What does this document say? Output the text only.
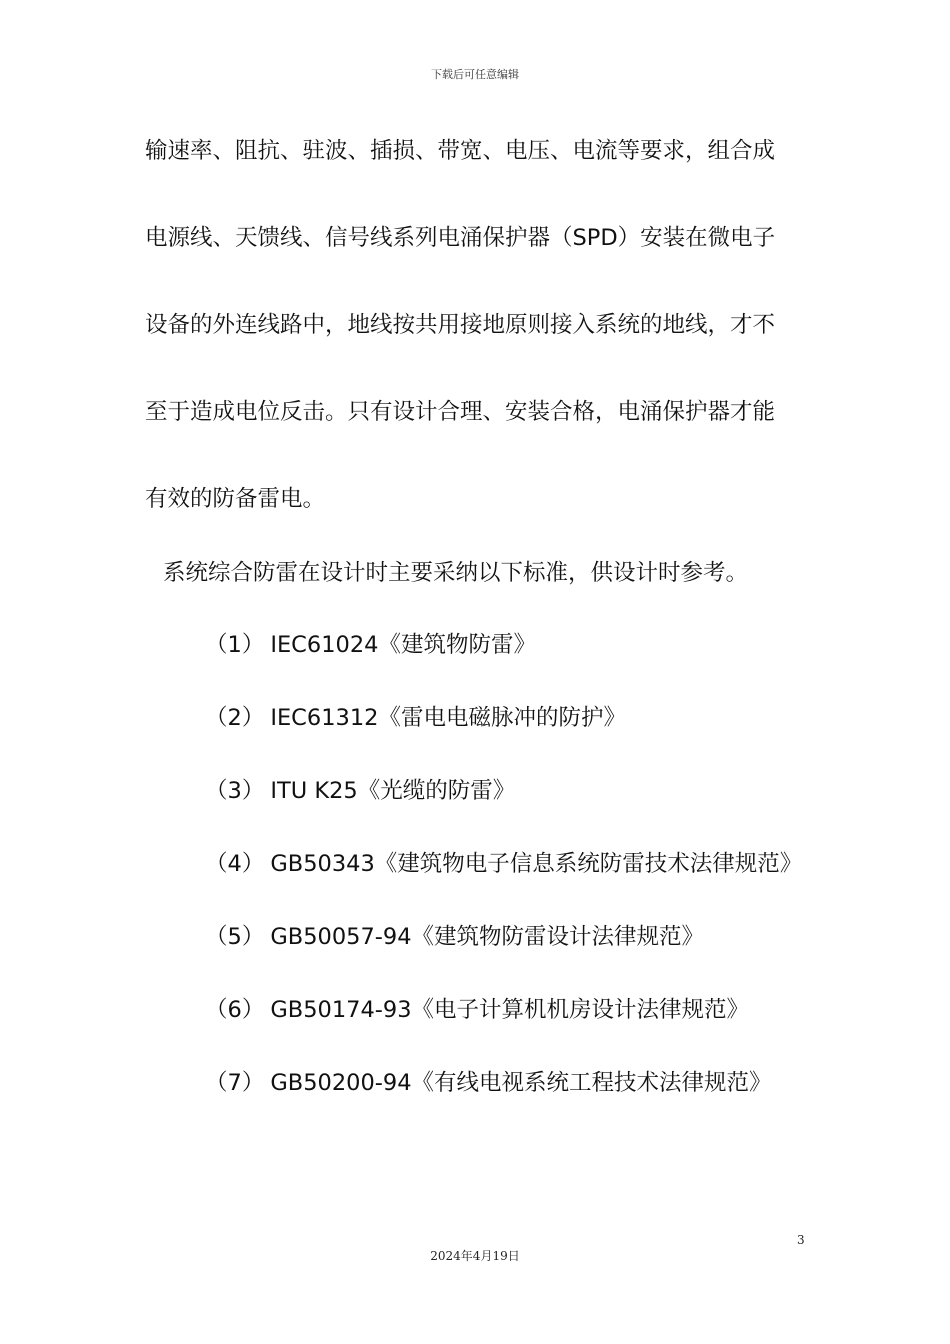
下载后可任意编辑
输速率、阻抗、驻波、插损、带宽、电压、电流等要求，组合成
电源线、天馈线、信号线系列电涌保护器（SPD）安装在微电子
设备的外连线路中，地线按共用接地原则接入系统的地线，才不
至于造成电位反击。只有设计合理、安装合格，电涌保护器才能
有效的防备雷电。
系统综合防雷在设计时主要采纳以下标准，供设计时参考。
（1） IEC61024《建筑物防雷》
（2） IEC61312《雷电电磁脉冲的防护》
（3） ITU K25《光缆的防雷》
（4） GB50343《建筑物电子信息系统防雷技术法律规范》
（5） GB50057-94《建筑物防雷设计法律规范》
（6） GB50174-93《电子计算机机房设计法律规范》
（7） GB50200-94《有线电视系统工程技术法律规范》
3
2024年4月19日
